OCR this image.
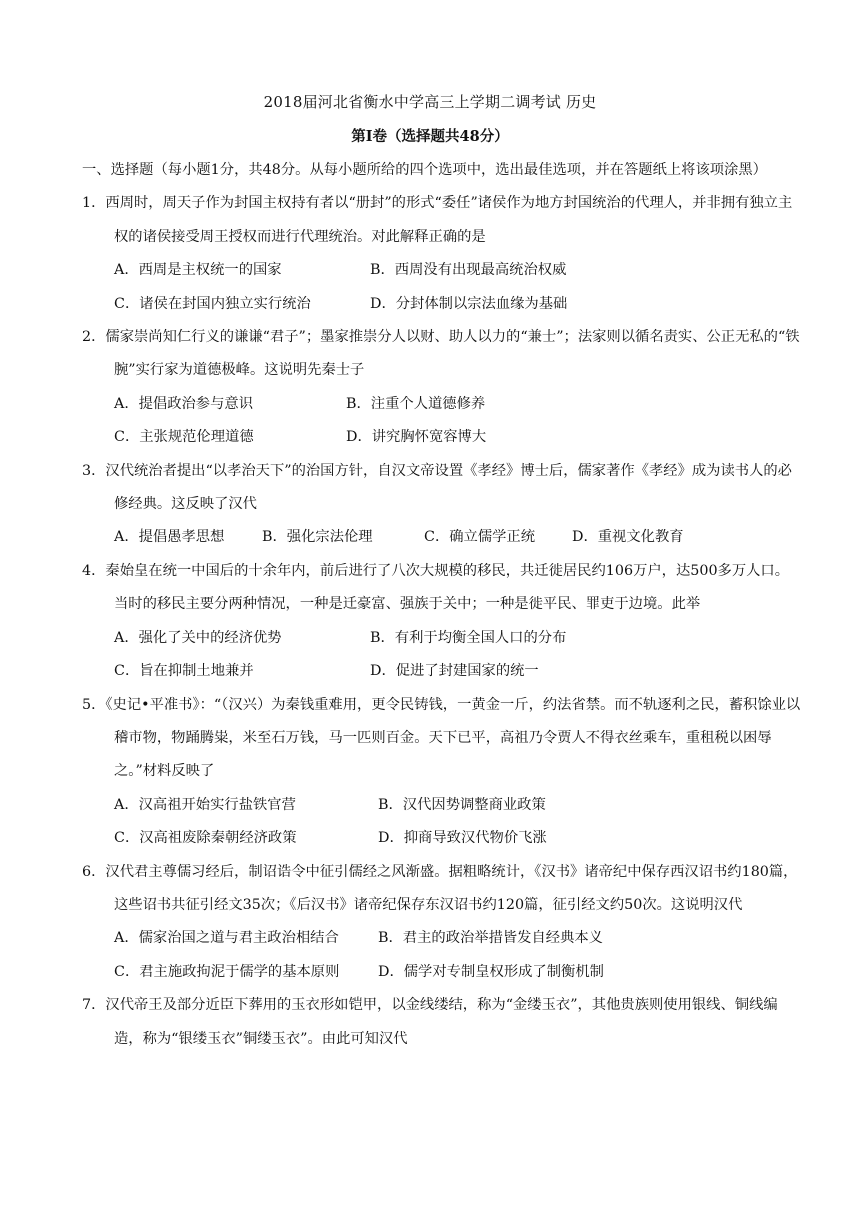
2018届河北省衡水中学高三上学期二调考试 历史
第I卷（选择题共48分）

一、选择题（每小题1分，共48分。从每小题所给的四个选项中，选出最佳选项，并在答题纸上将该项涂黑）

1．西周时，周天子作为封国主权持有者以“册封”的形式“委任”诸侯作为地方封国统治的代理人，并非拥有独立主权的诸侯接受周王授权而进行代理统治。对此解释正确的是

A．西周是主权统一的国家	B．西周没有出现最高统治权威
C．诸侯在封国内独立实行统治	D．分封体制以宗法血缘为基础

2．儒家崇尚知仁行义的谦谦“君子”；墨家推崇分人以财、助人以力的“兼士”；法家则以循名责实、公正无私的“铁腕”实行家为道德极峰。这说明先秦士子

A．提倡政治参与意识	B．注重个人道德修养
C．主张规范伦理道德	D．讲究胸怀宽容博大

3．汉代统治者提出“以孝治天下”的治国方针，自汉文帝设置《孝经》博士后，儒家著作《孝经》成为读书人的必修经典。这反映了汉代

A．提倡愚孝思想	B．强化宗法伦理	C．确立儒学正统	D．重视文化教育

4．秦始皇在统一中国后的十余年内，前后进行了八次大规模的移民，共迁徙居民约106万户，达500多万人口。当时的移民主要分两种情况，一种是迁豪富、强族于关中；一种是徙平民、罪吏于边境。此举

A．强化了关中的经济优势	B．有利于均衡全国人口的分布
C．旨在抑制土地兼并	D．促进了封建国家的统一

5．《史记•平准书》：“（汉兴）为秦钱重难用，更令民铸钱，一黄金一斤，约法省禁。而不轨逐利之民，蓄积馀业以稽市物，物踊腾粜，米至石万钱，马一匹则百金。天下已平，高祖乃令贾人不得衣丝乘车，重租税以困辱之。”材料反映了

A．汉高祖开始实行盐铁官营	B．汉代因势调整商业政策
C．汉高祖废除秦朝经济政策	D．抑商导致汉代物价飞涨

6．汉代君主尊儒习经后，制诏诰令中征引儒经之风渐盛。据粗略统计，《汉书》诸帝纪中保存西汉诏书约180篇，这些诏书共征引经文35次；《后汉书》诸帝纪保存东汉诏书约120篇，征引经文约50次。这说明汉代

A．儒家治国之道与君主政治相结合	B．君主的政治举措皆发自经典本义
C．君主施政拘泥于儒学的基本原则	D．儒学对专制皇权形成了制衡机制

7．汉代帝王及部分近臣下葬用的玉衣形如铠甲，以金线缕结，称为“金缕玉衣”，其他贵族则使用银线、铜线编造，称为“银缕玉衣”铜缕玉衣”。由此可知汉代
